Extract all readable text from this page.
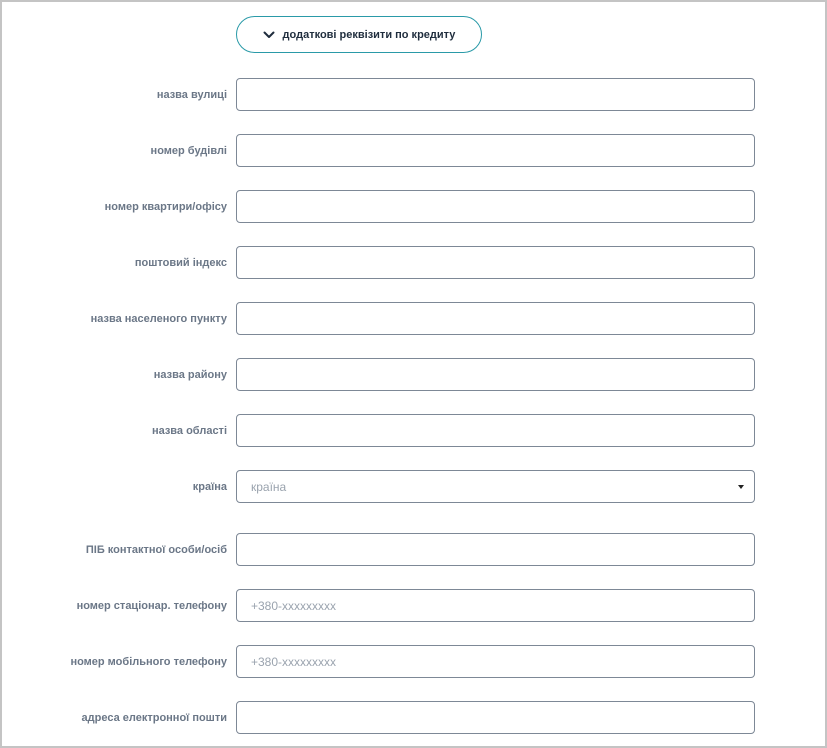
додаткові реквізити по кредиту
назва вулиці
номер будівлі
номер квартири/офісу
поштовий індекс
назва населеного пункту
назва району
назва області
країна країна
ПІБ контактної особи/осіб
номер стаціонар. телефону
+380-xxxxxxxxx
номер мобільного телефону
+380-xxxxxxxxx
адреса електронної пошти
